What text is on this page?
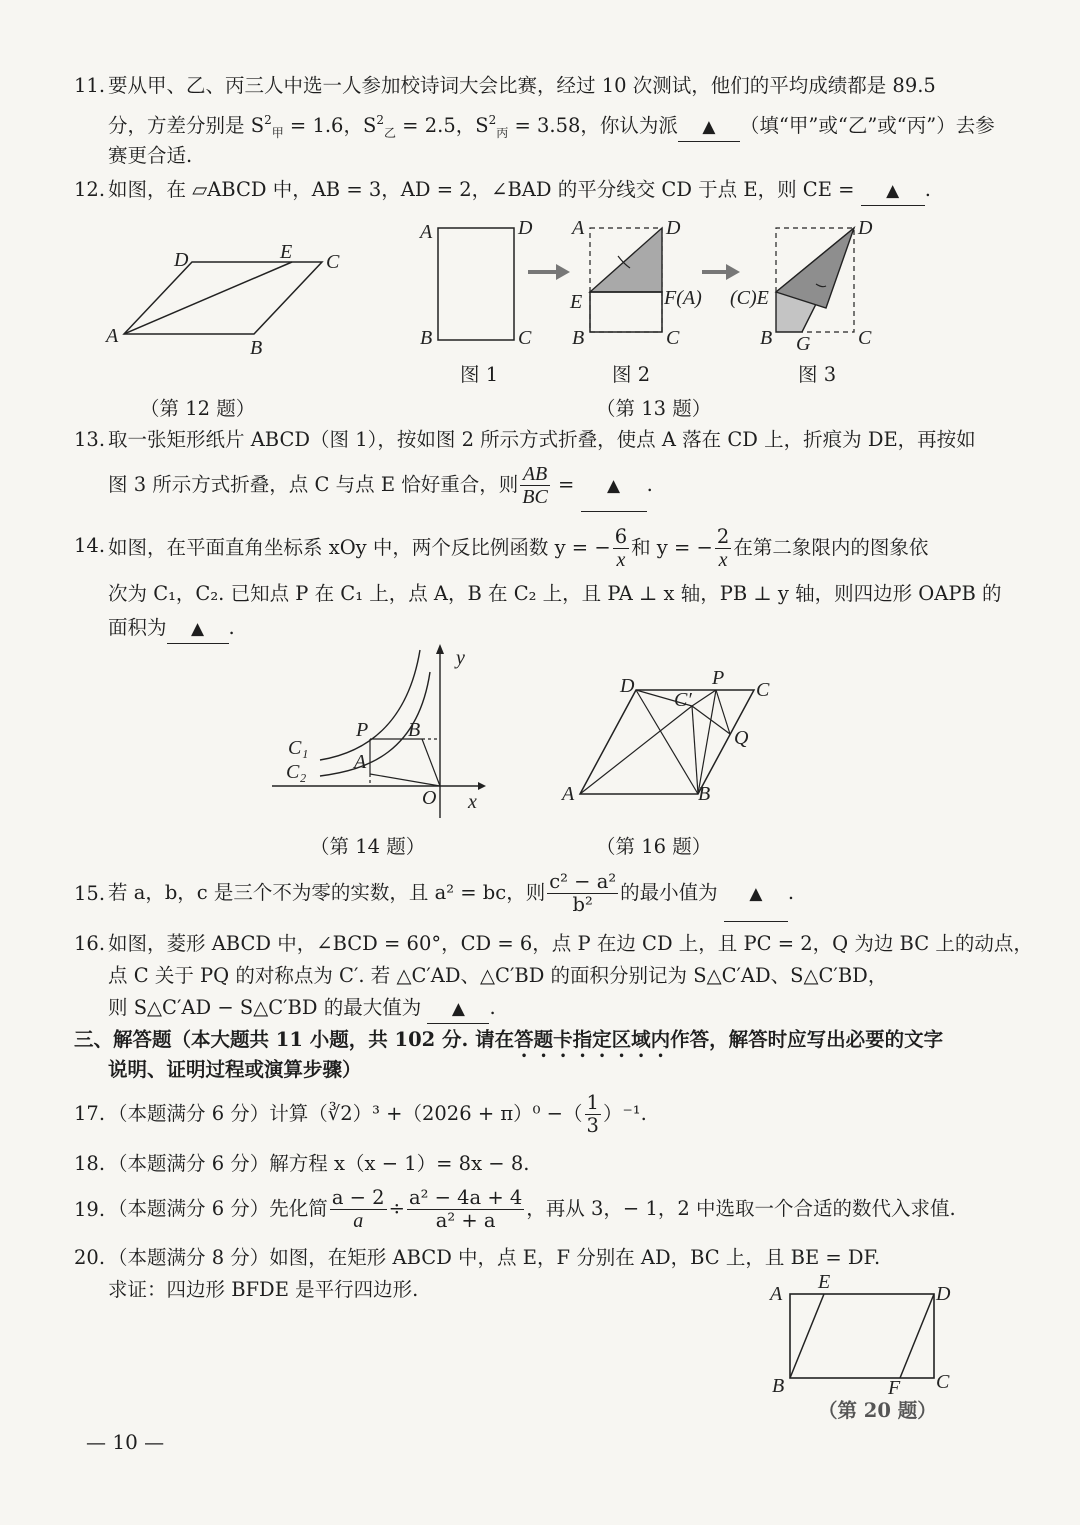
11. 要从甲、乙、丙三人中选一人参加校诗词大会比赛，经过 10 次测试，他们的平均成绩都是 89.5
分，方差分别是 $S^2_甲 = 1.6$，$S^2_乙 = 2.5$，$S^2_丙 = 3.58$，你认为派 ▲ （填“甲”或“乙”或“丙”）去参
赛更合适.
12. 如图，在 ▱ABCD 中，AB = 3，AD = 2，∠BAD 的平分线交 CD 于点 E，则 CE = ▲ .
A
B
C
D	E
（第 12 题）
A	D
B	C
A	D
E	F(A)
B	C
D
(C)E
B G C
图 1	图 2	图 3
（第 13 题）
13. 取一张矩形纸片 ABCD（图 1），按如图 2 所示方式折叠，使点 A 落在 CD 上，折痕为 DE，再按如
图 3 所示方式折叠，点 C 与点 E 恰好重合，则 $\frac{AB}{BC}$ = ▲ .
14. 如图，在平面直角坐标系 xOy 中，两个反比例函数 y = − $\frac{6}{x}$ 和 y = − $\frac{2}{x}$ 在第二象限内的图象依
次为 C₁，C₂. 已知点 P 在 C₁ 上，点 A，B 在 C₂ 上，且 PA ⊥ x 轴，PB ⊥ y 轴，则四边形 OAPB 的
面积为 ▲ .
y
x
O
P
A
B
C₁
C₂
（第 14 题）
A	B
C
D	P
Q
C′
（第 16 题）
15. 若 a，b，c 是三个不为零的实数，且 a² = bc，则 $\frac{\text{c² − a²}}{\text{b²}}$ 的最小值为 ▲ .
16. 如图，菱形 ABCD 中，∠BCD = 60°，CD = 6，点 P 在边 CD 上，且 PC = 2，Q 为边 BC 上的动点，
点 C 关于 PQ 的对称点为 C′. 若 △C′AD、△C′BD 的面积分别记为 S△C′AD、S△C′BD，
则 S△C′AD − S△C′BD 的最大值为 ▲ .
三、解答题（本大题共 11 小题，共 102 分. 请在答题卡指定区域内作答，解答时应写出必要的文字
说明、证明过程或演算步骤）
17. （本题满分 6 分）计算（∛2）³ +（2026 + π）⁰ −（ $\frac{1}{3} )^{-1}$.
18. （本题满分 6 分）解方程 x（x − 1）= 8x − 8.
19. （本题满分 6 分）先化简 $\frac{a - 2}{a} \div \frac{\text{a² − 4a + 4}}{\text{a² + a}}$ ，再从 3，− 1，2 中选取一个合适的数代入求值.
20. （本题满分 8 分）如图，在矩形 ABCD 中，点 E，F 分别在 AD，BC 上，且 BE = DF.
求证：四边形 BFDE 是平行四边形.	A
E
D
B	F C
（第 20 题）
— 10 —
